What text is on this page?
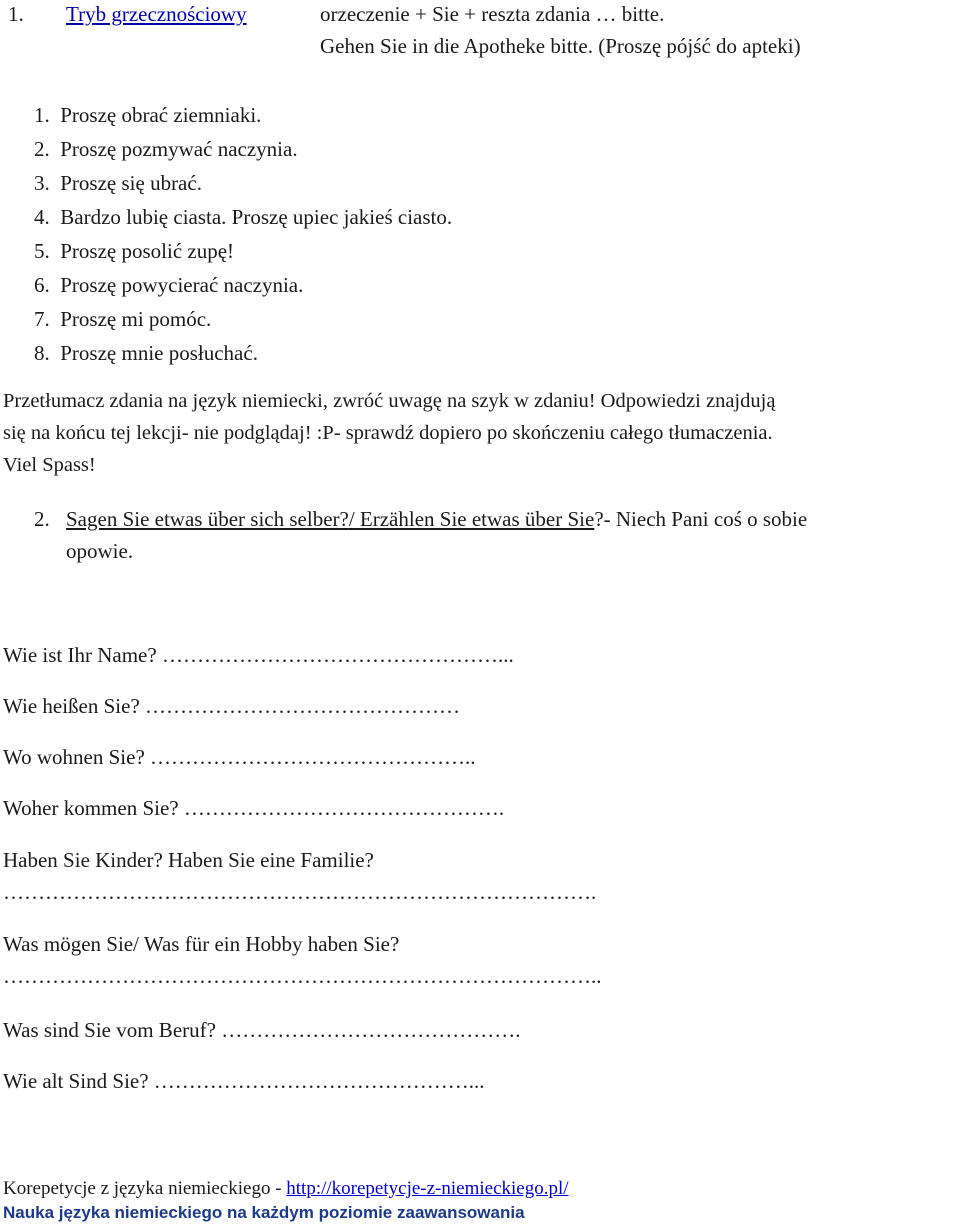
1. Tryb grzecznościowy	orzeczenie + Sie + reszta zdania … bitte.
Gehen Sie in die Apotheke bitte. (Proszę pójść do apteki)
1. Proszę obrać ziemniaki.
2. Proszę pozmywać naczynia.
3. Proszę się ubrać.
4. Bardzo lubię ciasta. Proszę upiec jakieś ciasto.
5. Proszę posolić zupę!
6. Proszę powycierać naczynia.
7. Proszę mi pomóc.
8. Proszę mnie posłuchać.
Przetłumacz zdania na język niemiecki, zwróć uwagę na szyk w zdaniu! Odpowiedzi znajdują
się na końcu tej lekcji- nie podglądaj! :P- sprawdź dopiero po skończeniu całego tłumaczenia.
Viel Spass!
2. Sagen Sie etwas über sich selber?/ Erzählen Sie etwas über Sie?- Niech Pani coś o sobie
opowie.
Wie ist Ihr Name? …………………………………………...
Wie heißen Sie? ………………………………………
Wo wohnen Sie? ………………………………………..
Woher kommen Sie? ……………………………………….
Haben Sie Kinder? Haben Sie eine Familie?
………………………………………………………………………….
Was mögen Sie/ Was für ein Hobby haben Sie?
…………………………………………………………………………..
Was sind Sie vom Beruf? …………………………………….
Wie alt Sind Sie? ………………………………………...
Korepetycje z języka niemieckiego - http://korepetycje-z-niemieckiego.pl/
Nauka języka niemieckiego na każdym poziomie zaawansowania
